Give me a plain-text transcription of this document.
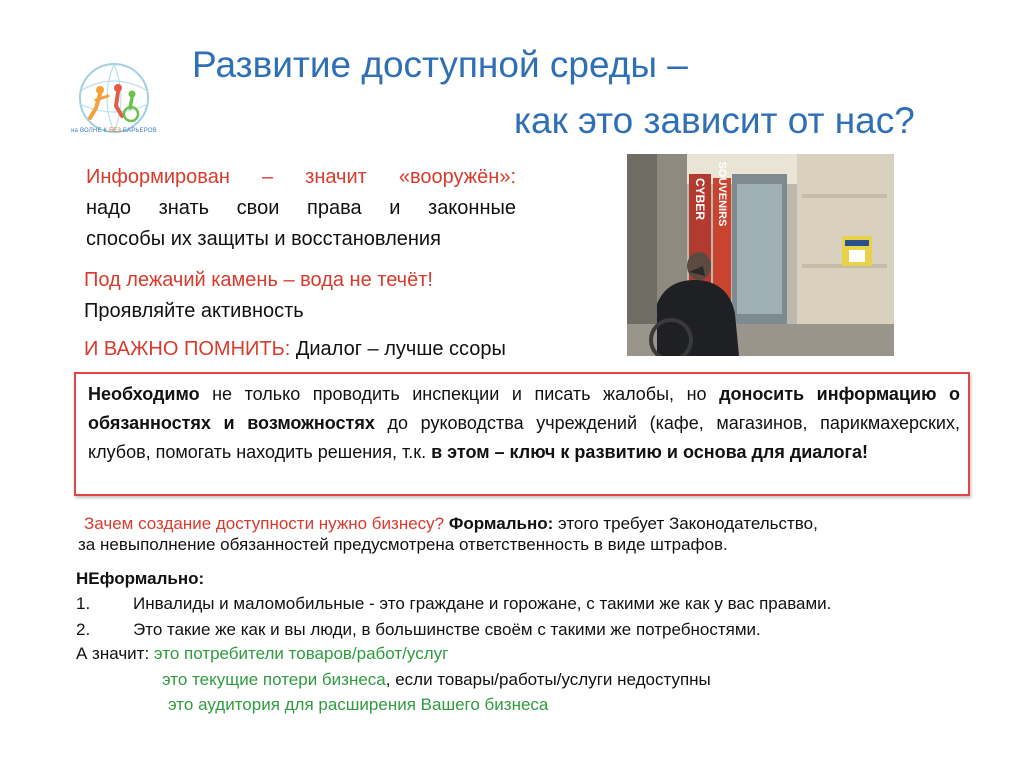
на ВОЛНЕ К БЕЗ БАРЬЕРОВ
Развитие доступной среды –
как это зависит от нас?
Информирован – значит «вооружён»:
надо знать свои права и законные
способы их защиты и восстановления
Под лежачий камень – вода не течёт!
Проявляйте активность
И ВАЖНО ПОМНИТЬ: Диалог – лучше ссоры
CYBER SOUVENIRS

Необходимо не только проводить инспекции и писать жалобы, но доносить информацию о обязанностях и возможностях до руководства учреждений (кафе, магазинов, парикмахерских, клубов, помогать находить решения, т.к. в этом – ключ к развитию и основа для диалога!

Зачем создание доступности нужно бизнесу? Формально: этого требует Законодательство,
за невыполнение обязанностей предусмотрена ответственность в виде штрафов.
НЕформально:
1.	Инвалиды и маломобильные - это граждане и горожане, с такими же как у вас правами.
2.	Это такие же как и вы люди, в большинстве своём с такими же потребностями.
А значит: это потребители товаров/работ/услуг
это текущие потери бизнеса, если товары/работы/услуги недоступны
это аудитория для расширения Вашего бизнеса
